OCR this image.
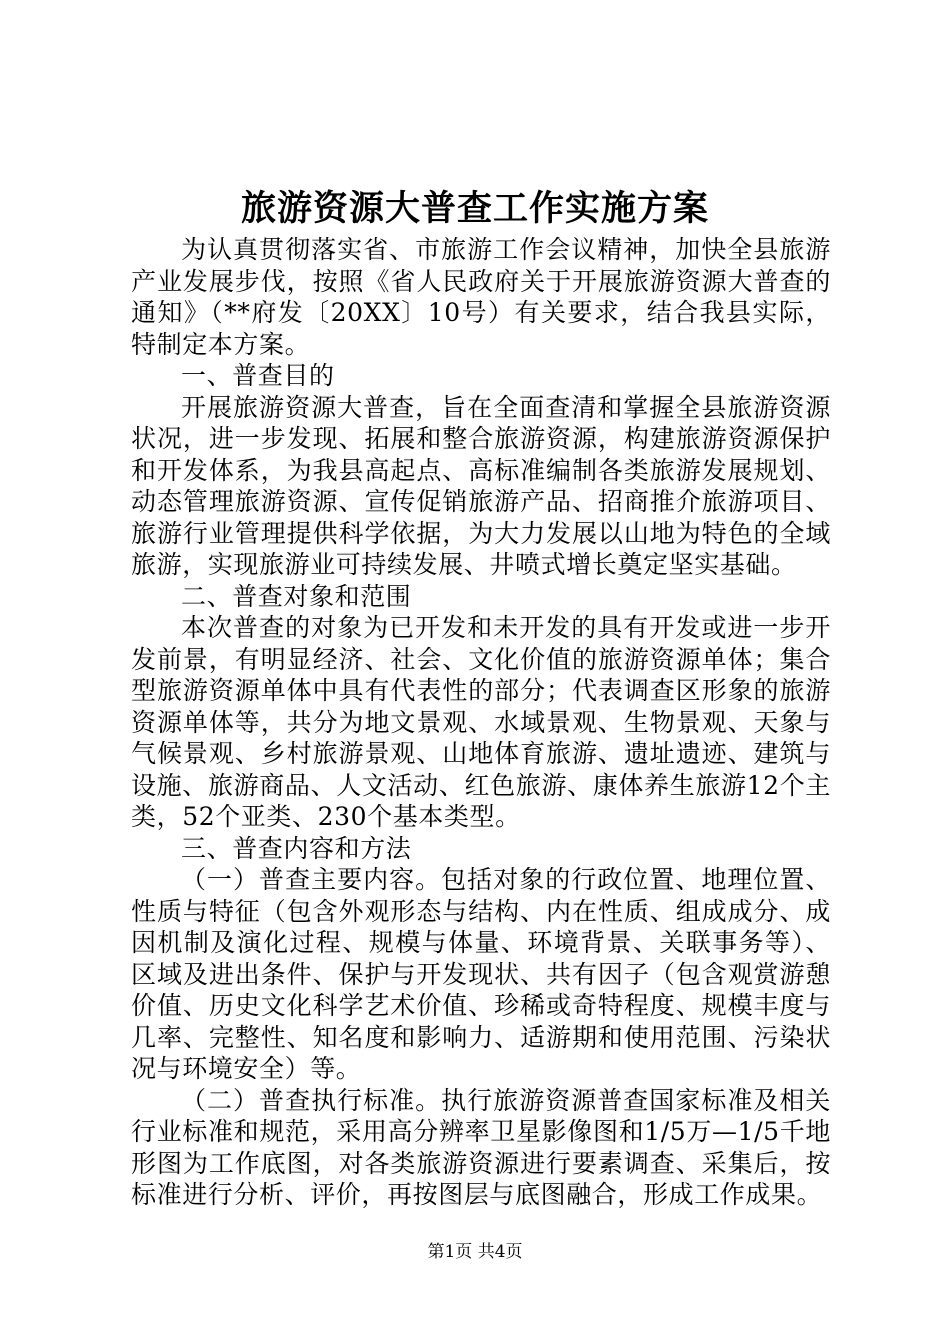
旅游资源大普查工作实施方案

为认真贯彻落实省、市旅游工作会议精神，加快全县旅游产业发展步伐，按照《省人民政府关于开展旅游资源大普查的通知》（**府发〔20XX〕10号）有关要求，结合我县实际，特制定本方案。

一、普查目的

开展旅游资源大普查，旨在全面查清和掌握全县旅游资源状况，进一步发现、拓展和整合旅游资源，构建旅游资源保护和开发体系，为我县高起点、高标准编制各类旅游发展规划、动态管理旅游资源、宣传促销旅游产品、招商推介旅游项目、旅游行业管理提供科学依据，为大力发展以山地为特色的全域旅游，实现旅游业可持续发展、井喷式增长奠定坚实基础。

二、普查对象和范围

本次普查的对象为已开发和未开发的具有开发或进一步开发前景，有明显经济、社会、文化价值的旅游资源单体；集合型旅游资源单体中具有代表性的部分；代表调查区形象的旅游资源单体等，共分为地文景观、水域景观、生物景观、天象与气候景观、乡村旅游景观、山地体育旅游、遗址遗迹、建筑与设施、旅游商品、人文活动、红色旅游、康体养生旅游12个主类，52个亚类、230个基本类型。

三、普查内容和方法

（一）普查主要内容。包括对象的行政位置、地理位置、性质与特征（包含外观形态与结构、内在性质、组成成分、成因机制及演化过程、规模与体量、环境背景、关联事务等）、区域及进出条件、保护与开发现状、共有因子（包含观赏游憩价值、历史文化科学艺术价值、珍稀或奇特程度、规模丰度与几率、完整性、知名度和影响力、适游期和使用范围、污染状况与环境安全）等。

（二）普查执行标准。执行旅游资源普查国家标准及相关行业标准和规范，采用高分辨率卫星影像图和1/5万—1/5千地形图为工作底图，对各类旅游资源进行要素调查、采集后，按标准进行分析、评价，再按图层与底图融合，形成工作成果。

第1页 共4页
